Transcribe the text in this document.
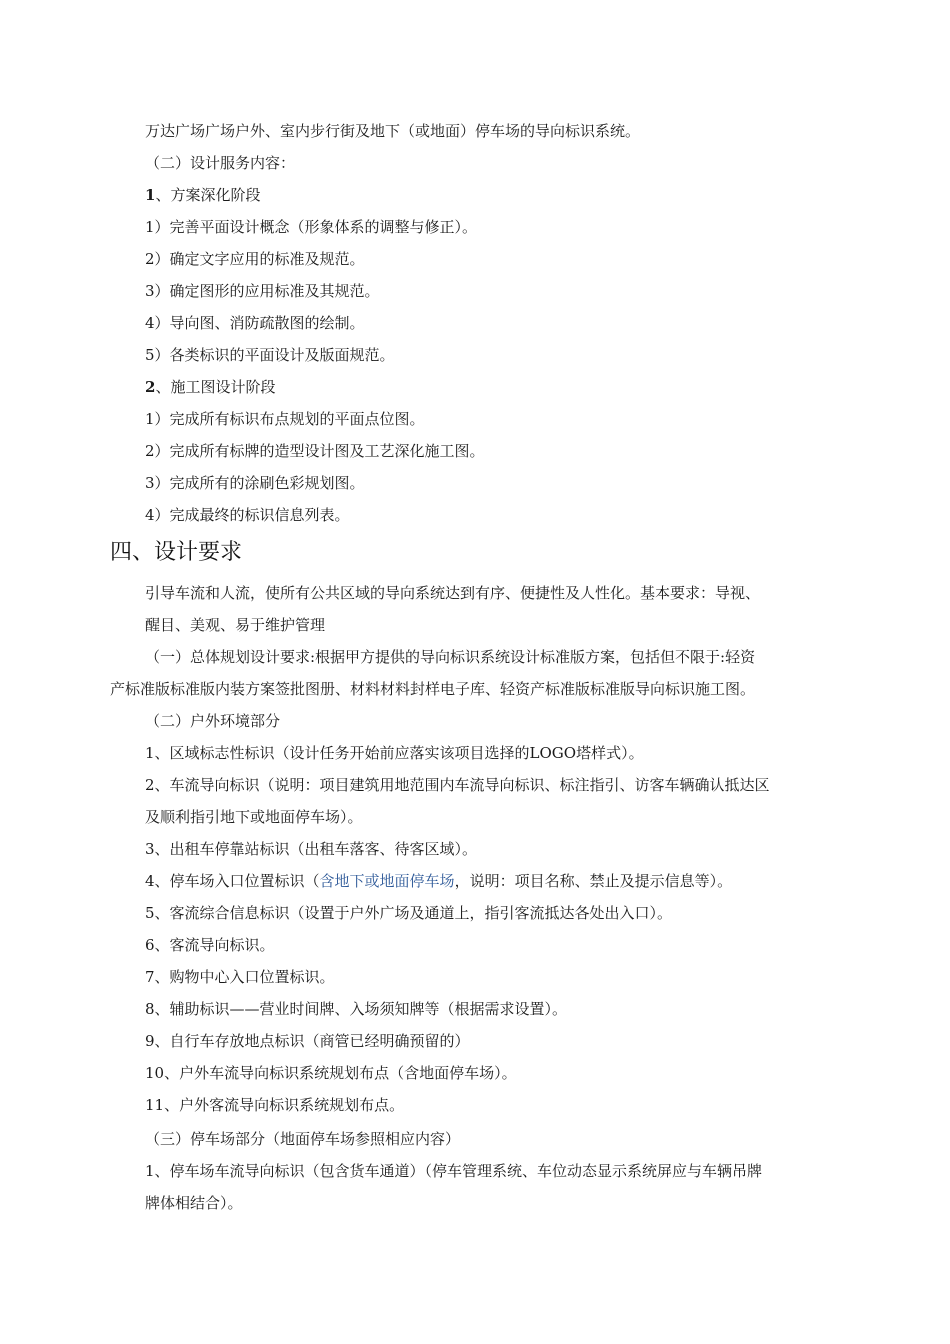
万达广场广场户外、室内步行街及地下（或地面）停车场的导向标识系统。
（二）设计服务内容：
1、方案深化阶段
1）完善平面设计概念（形象体系的调整与修正）。
2）确定文字应用的标准及规范。
3）确定图形的应用标准及其规范。
4）导向图、消防疏散图的绘制。
5）各类标识的平面设计及版面规范。
2、施工图设计阶段
1）完成所有标识布点规划的平面点位图。
2）完成所有标牌的造型设计图及工艺深化施工图。
3）完成所有的涂刷色彩规划图。
4）完成最终的标识信息列表。
四、设计要求
引导车流和人流，使所有公共区域的导向系统达到有序、便捷性及人性化。基本要求：导视、
醒目、美观、易于维护管理
（一）总体规划设计要求:根据甲方提供的导向标识系统设计标准版方案，包括但不限于:轻资
产标准版标准版内装方案签批图册、材料材料封样电子库、轻资产标准版标准版导向标识施工图。
（二）户外环境部分
1、区域标志性标识（设计任务开始前应落实该项目选择的LOGO塔样式）。
2、车流导向标识（说明：项目建筑用地范围内车流导向标识、标注指引、访客车辆确认抵达区
及顺利指引地下或地面停车场）。
3、出租车停靠站标识（出租车落客、待客区域）。
4、停车场入口位置标识（含地下或地面停车场，说明：项目名称、禁止及提示信息等）。
5、客流综合信息标识（设置于户外广场及通道上，指引客流抵达各处出入口）。
6、客流导向标识。
7、购物中心入口位置标识。
8、辅助标识——营业时间牌、入场须知牌等（根据需求设置）。
9、自行车存放地点标识（商管已经明确预留的）
10、户外车流导向标识系统规划布点（含地面停车场）。
11、户外客流导向标识系统规划布点。
（三）停车场部分（地面停车场参照相应内容）
1、停车场车流导向标识（包含货车通道）（停车管理系统、车位动态显示系统屏应与车辆吊牌
牌体相结合）。
